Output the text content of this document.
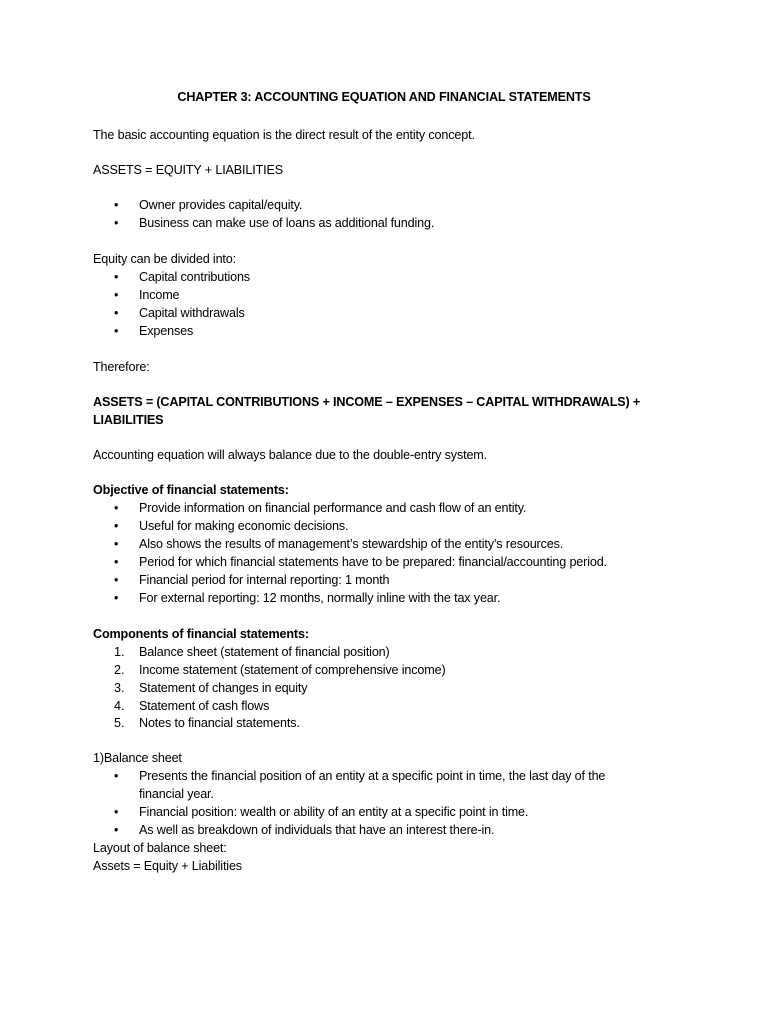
CHAPTER 3: ACCOUNTING EQUATION AND FINANCIAL STATEMENTS
The basic accounting equation is the direct result of the entity concept.
ASSETS = EQUITY + LIABILITIES
• Owner provides capital/equity.
• Business can make use of loans as additional funding.
Equity can be divided into:
• Capital contributions
• Income
• Capital withdrawals
• Expenses
Therefore:
ASSETS = (CAPITAL CONTRIBUTIONS + INCOME – EXPENSES – CAPITAL WITHDRAWALS) +
LIABILITIES
Accounting equation will always balance due to the double-entry system.
Objective of financial statements:
• Provide information on financial performance and cash flow of an entity.
• Useful for making economic decisions.
• Also shows the results of management’s stewardship of the entity’s resources.
• Period for which financial statements have to be prepared: financial/accounting period.
• Financial period for internal reporting: 1 month
• For external reporting: 12 months, normally inline with the tax year.
Components of financial statements:
1. Balance sheet (statement of financial position)
2. Income statement (statement of comprehensive income)
3. Statement of changes in equity
4. Statement of cash flows
5. Notes to financial statements.
1)Balance sheet
• Presents the financial position of an entity at a specific point in time, the last day of the
financial year.
• Financial position: wealth or ability of an entity at a specific point in time.
• As well as breakdown of individuals that have an interest there-in.
Layout of balance sheet:
Assets = Equity + Liabilities
